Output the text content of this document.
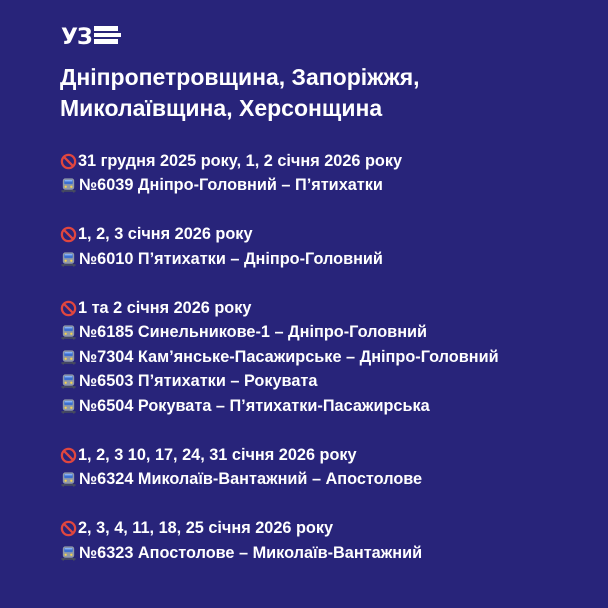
УЗ
Дніпропетровщина, Запоріжжя,
Миколаївщина, Херсонщина
31 грудня 2025 року, 1, 2 січня 2026 року
№6039 Дніпро-Головний – П’ятихатки
1, 2, 3 січня 2026 року
№6010 П’ятихатки – Дніпро-Головний
1 та 2 січня 2026 року
№6185 Синельникове-1 – Дніпро-Головний
№7304 Кам’янське-Пасажирське – Дніпро-Головний
№6503 П’ятихатки – Рокувата
№6504 Рокувата – П’ятихатки-Пасажирська
1, 2, 3 10, 17, 24, 31 січня 2026 року
№6324 Миколаїв-Вантажний – Апостолове
2, 3, 4, 11, 18, 25 січня 2026 року
№6323 Апостолове – Миколаїв-Вантажний
